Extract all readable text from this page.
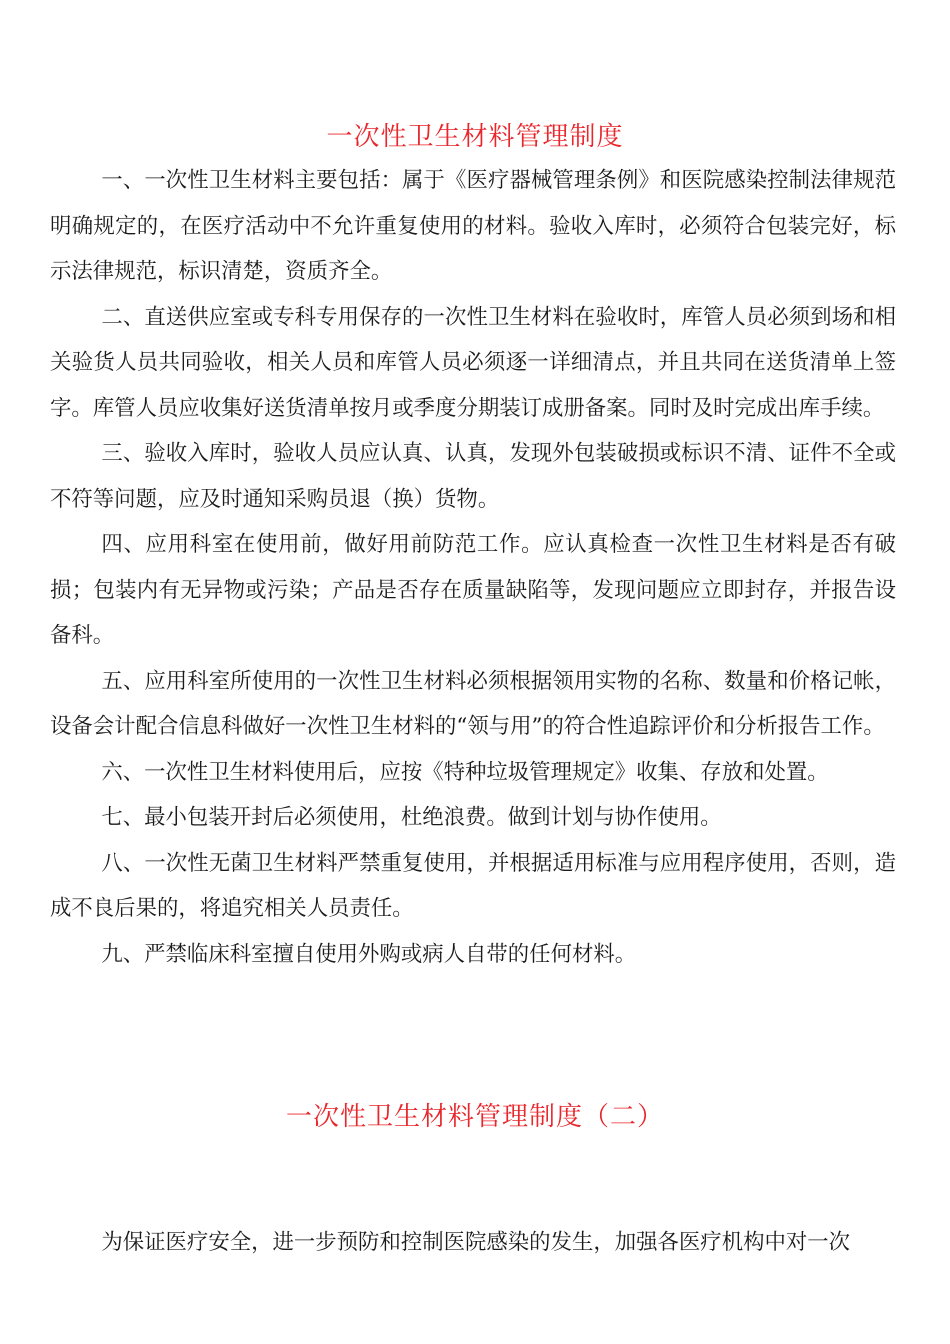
一次性卫生材料管理制度

一、一次性卫生材料主要包括：属于《医疗器械管理条例》和医院感染控制法律规范明确规定的，在医疗活动中不允许重复使用的材料。验收入库时，必须符合包装完好，标示法律规范，标识清楚，资质齐全。

二、直送供应室或专科专用保存的一次性卫生材料在验收时，库管人员必须到场和相关验货人员共同验收，相关人员和库管人员必须逐一详细清点，并且共同在送货清单上签字。库管人员应收集好送货清单按月或季度分期装订成册备案。同时及时完成出库手续。

三、验收入库时，验收人员应认真、认真，发现外包装破损或标识不清、证件不全或不符等问题，应及时通知采购员退（换）货物。

四、应用科室在使用前，做好用前防范工作。应认真检查一次性卫生材料是否有破损；包装内有无异物或污染；产品是否存在质量缺陷等，发现问题应立即封存，并报告设备科。

五、应用科室所使用的一次性卫生材料必须根据领用实物的名称、数量和价格记帐，设备会计配合信息科做好一次性卫生材料的“领与用”的符合性追踪评价和分析报告工作。

六、一次性卫生材料使用后，应按《特种垃圾管理规定》收集、存放和处置。

七、最小包装开封后必须使用，杜绝浪费。做到计划与协作使用。

八、一次性无菌卫生材料严禁重复使用，并根据适用标准与应用程序使用，否则，造成不良后果的，将追究相关人员责任。

九、严禁临床科室擅自使用外购或病人自带的任何材料。

一次性卫生材料管理制度（二）

为保证医疗安全，进一步预防和控制医院感染的发生，加强各医疗机构中对一次
